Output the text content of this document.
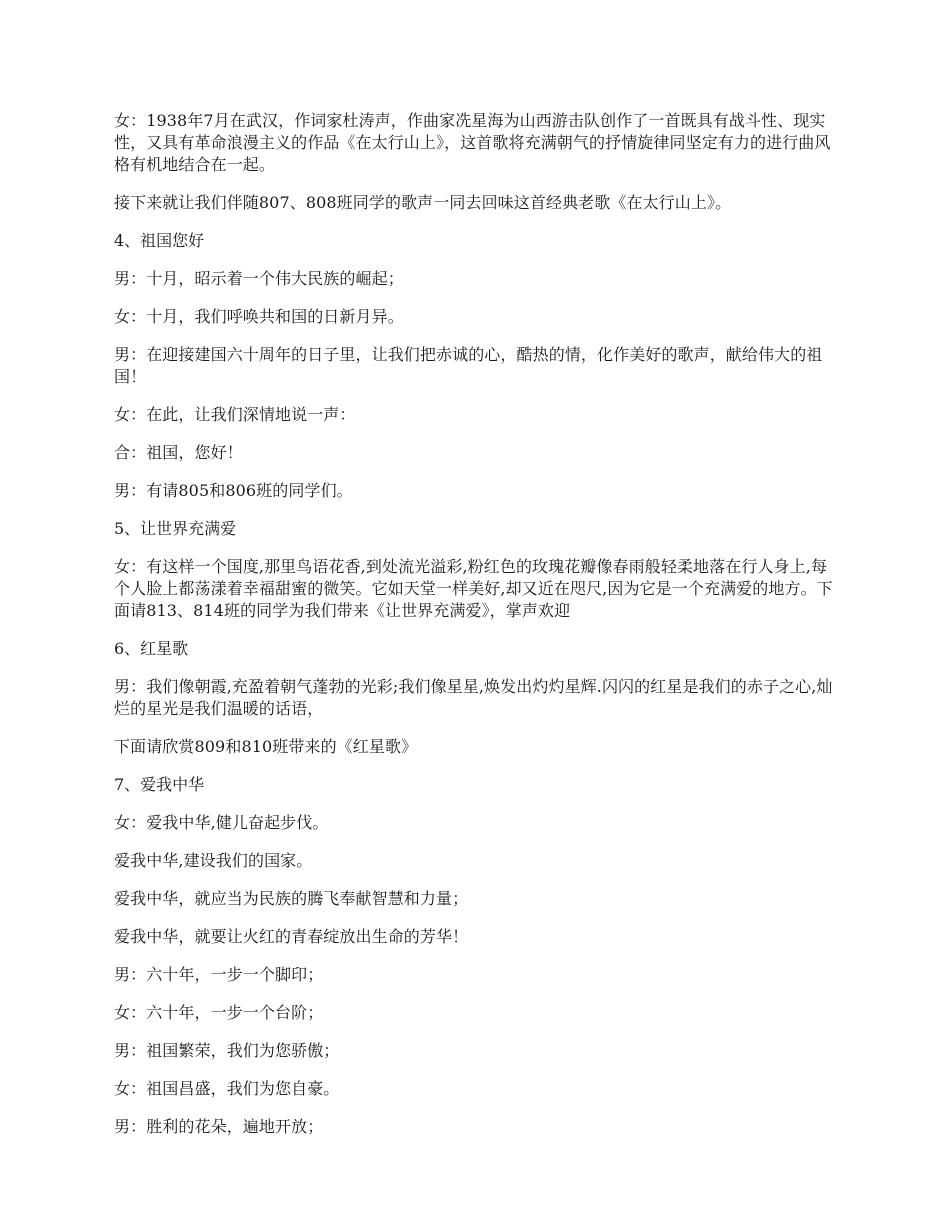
女：1938年7月在武汉，作词家杜涛声，作曲家冼星海为山西游击队创作了一首既具有战斗性、现实性，又具有革命浪漫主义的作品《在太行山上》，这首歌将充满朝气的抒情旋律同坚定有力的进行曲风格有机地结合在一起。

接下来就让我们伴随807、808班同学的歌声一同去回味这首经典老歌《在太行山上》。

4、祖国您好

男：十月，昭示着一个伟大民族的崛起；

女：十月，我们呼唤共和国的日新月异。

男：在迎接建国六十周年的日子里，让我们把赤诚的心，酷热的情，化作美好的歌声，献给伟大的祖国！

女：在此，让我们深情地说一声：

合：祖国，您好！

男：有请805和806班的同学们。

5、让世界充满爱

女：有这样一个国度,那里鸟语花香,到处流光溢彩,粉红色的玫瑰花瓣像春雨般轻柔地落在行人身上,每个人脸上都荡漾着幸福甜蜜的微笑。它如天堂一样美好,却又近在咫尺,因为它是一个充满爱的地方。下面请813、814班的同学为我们带来《让世界充满爱》，掌声欢迎

6、红星歌

男：我们像朝霞,充盈着朝气蓬勃的光彩;我们像星星,焕发出灼灼星辉.闪闪的红星是我们的赤子之心,灿烂的星光是我们温暖的话语，

下面请欣赏809和810班带来的《红星歌》

7、爱我中华

女：爱我中华,健儿奋起步伐。

爱我中华,建设我们的国家。

爱我中华，就应当为民族的腾飞奉献智慧和力量；

爱我中华，就要让火红的青春绽放出生命的芳华！

男：六十年，一步一个脚印；

女：六十年，一步一个台阶；

男：祖国繁荣，我们为您骄傲；

女：祖国昌盛，我们为您自豪。

男：胜利的花朵，遍地开放；
